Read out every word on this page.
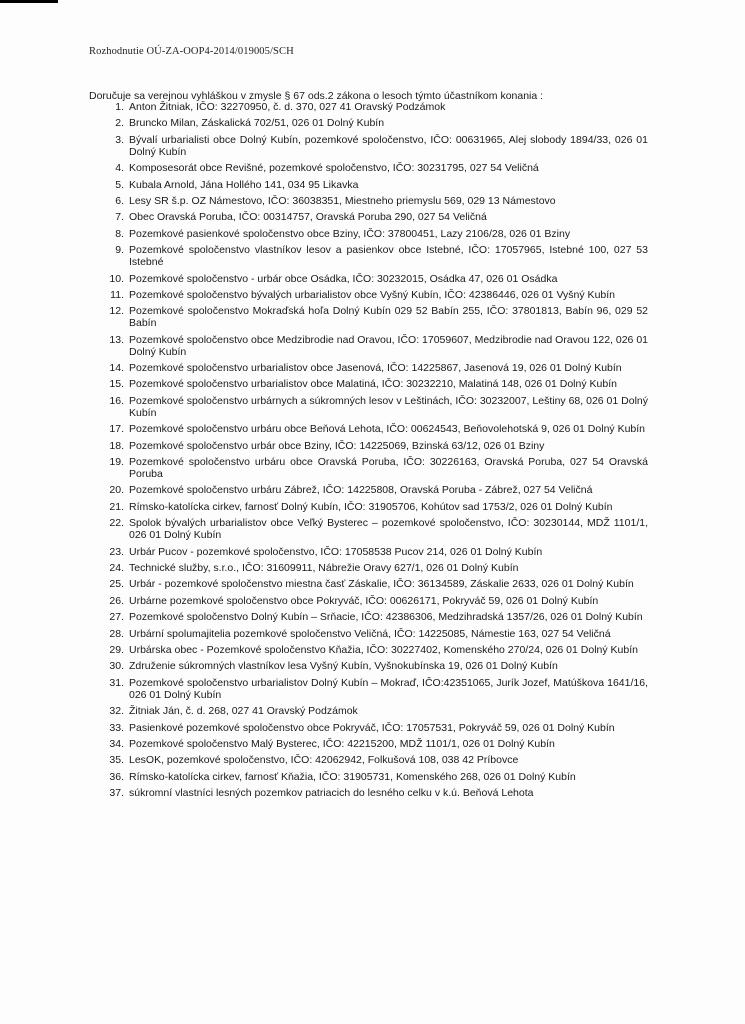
Rozhodnutie OÚ-ZA-OOP4-2014/019005/SCH
Doručuje sa verejnou vyhláškou v zmysle § 67 ods.2 zákona o lesoch týmto účastníkom konania :
1. Anton Žitniak, IČO: 32270950, č. d. 370, 027 41 Oravský Podzámok
2. Bruncko Milan, Záskalická 702/51, 026 01 Dolný Kubín
3. Bývalí urbarialisti obce Dolný Kubín, pozemkové spoločenstvo, IČO: 00631965, Alej slobody 1894/33, 026 01 Dolný Kubín
4. Komposesorát obce Revišné, pozemkové spoločenstvo, IČO: 30231795, 027 54 Veličná
5. Kubala Arnold, Jána Hollého 141, 034 95 Likavka
6. Lesy SR š.p. OZ Námestovo, IČO: 36038351, Miestneho priemyslu 569, 029 13 Námestovo
7. Obec Oravská Poruba, IČO: 00314757, Oravská Poruba 290, 027 54 Veličná
8. Pozemkové pasienkové spoločenstvo obce Bziny, IČO: 37800451, Lazy 2106/28, 026 01 Bziny
9. Pozemkové spoločenstvo vlastníkov lesov a pasienkov obce Istebné, IČO: 17057965, Istebné 100, 027 53 Istebné
10. Pozemkové spoločenstvo - urbár obce Osádka, IČO: 30232015, Osádka 47, 026 01 Osádka
11. Pozemkové spoločenstvo bývalých urbarialistov obce Vyšný Kubín, IČO: 42386446, 026 01 Vyšný Kubín
12. Pozemkové spoločenstvo Mokraďská hoľa Dolný Kubín 029 52 Babín 255, IČO: 37801813, Babín 96, 029 52 Babín
13. Pozemkové spoločenstvo obce Medzibrodie nad Oravou, IČO: 17059607, Medzibrodie nad Oravou 122, 026 01 Dolný Kubín
14. Pozemkové spoločenstvo urbarialistov obce Jasenová, IČO: 14225867, Jasenová 19, 026 01 Dolný Kubín
15. Pozemkové spoločenstvo urbarialistov obce Malatiná, IČO: 30232210, Malatiná 148, 026 01 Dolný Kubín
16. Pozemkové spoločenstvo urbárnych a súkromných lesov v Leštinách, IČO: 30232007, Leštiny 68, 026 01 Dolný Kubín
17. Pozemkové spoločenstvo urbáru obce Beňová Lehota, IČO: 00624543, Beňovolehotská 9, 026 01 Dolný Kubín
18. Pozemkové spoločenstvo urbár obce Bziny, IČO: 14225069, Bzinská 63/12, 026 01 Bziny
19. Pozemkové spoločenstvo urbáru obce Oravská Poruba, IČO: 30226163, Oravská Poruba, 027 54 Oravská Poruba
20. Pozemkové spoločenstvo urbáru Zábrež, IČO: 14225808, Oravská Poruba - Zábrež, 027 54 Veličná
21. Rímsko-katolícka cirkev, farnosť Dolný Kubín, IČO: 31905706, Kohútov sad 1753/2, 026 01 Dolný Kubín
22. Spolok bývalých urbarialistov obce Veľký Bysterec – pozemkové spoločenstvo, IČO: 30230144, MDŽ 1101/1, 026 01 Dolný Kubín
23. Urbár Pucov - pozemkové spoločenstvo, IČO: 17058538 Pucov 214, 026 01 Dolný Kubín
24. Technické služby, s.r.o., IČO: 31609911, Nábrežie Oravy 627/1, 026 01 Dolný Kubín
25. Urbár - pozemkové spoločenstvo miestna časť Záskalie, IČO: 36134589, Záskalie 2633, 026 01 Dolný Kubín
26. Urbárne pozemkové spoločenstvo obce Pokryváč, IČO: 00626171, Pokryváč 59, 026 01 Dolný Kubín
27. Pozemkové spoločenstvo Dolný Kubín – Srňacie, IČO: 42386306, Medzihradská 1357/26, 026 01 Dolný Kubín
28. Urbární spolumajitelia pozemkové spoločenstvo Veličná, IČO: 14225085, Námestie 163, 027 54 Veličná
29. Urbárska obec - Pozemkové spoločenstvo Kňažia, IČO: 30227402, Komenského 270/24, 026 01 Dolný Kubín
30. Združenie súkromných vlastníkov lesa Vyšný Kubín, Vyšnokubínska 19, 026 01 Dolný Kubín
31. Pozemkové spoločenstvo urbarialistov Dolný Kubín – Mokraď, IČO:42351065, Jurík Jozef, Matúškova 1641/16, 026 01 Dolný Kubín
32. Žitniak Ján, č. d. 268, 027 41 Oravský Podzámok
33. Pasienkové pozemkové spoločenstvo obce Pokryváč, IČO: 17057531, Pokryváč 59, 026 01 Dolný Kubín
34. Pozemkové spoločenstvo Malý Bysterec, IČO: 42215200, MDŽ 1101/1, 026 01 Dolný Kubín
35. LesOK, pozemkové spoločenstvo, IČO: 42062942, Folkušová 108, 038 42 Príbovce
36. Rímsko-katolícka cirkev, farnosť Kňažia, IČO: 31905731, Komenského 268, 026 01 Dolný Kubín
37. súkromní vlastníci lesných pozemkov patriacich do lesného celku v k.ú. Beňová Lehota
